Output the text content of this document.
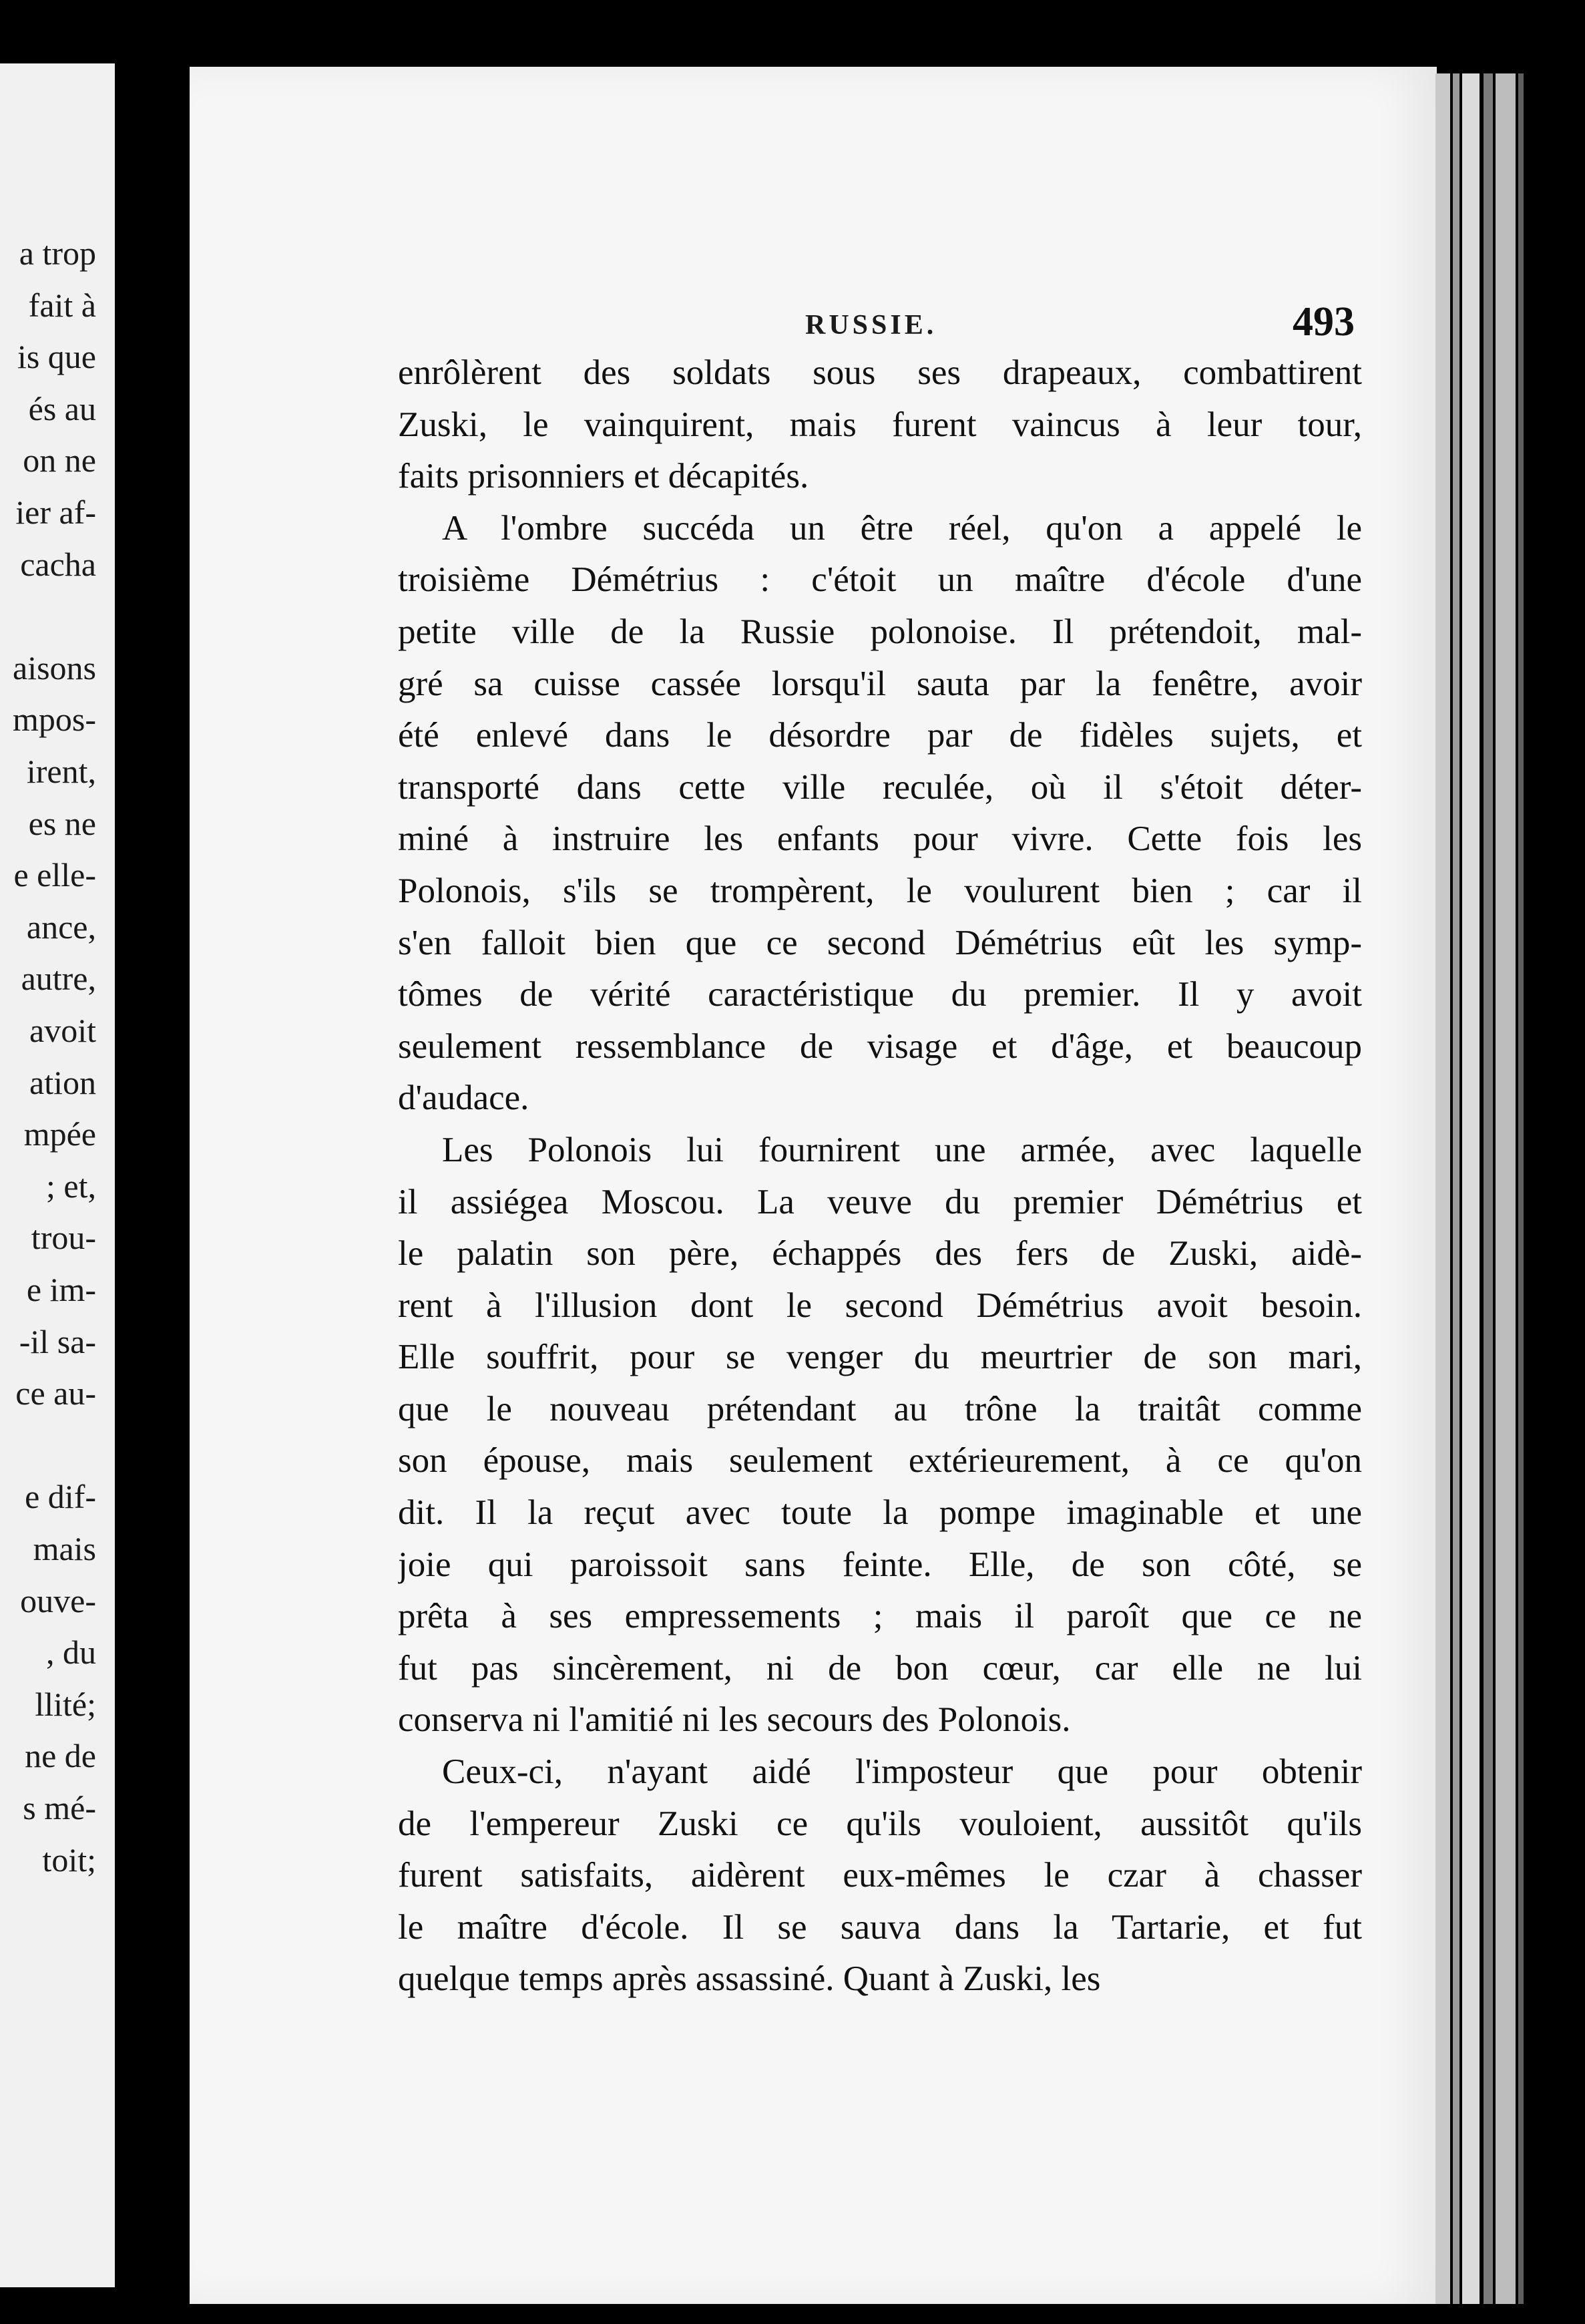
a trop
fait à
is que
és au
on ne
ier af-
cacha
aisons
mpos-
irent,
es ne
e elle-
ance,
autre,
avoit
ation
mpée
; et,
trou-
e im-
-il sa-
ce au-
e dif-
mais
ouve-
, du
llité;
ne de
s mé-
toit;
RUSSIE.	493
enrôlèrent des soldats sous ses drapeaux, combattirent
Zuski, le vainquirent, mais furent vaincus à leur tour,
faits prisonniers et décapités.
A l'ombre succéda un être réel, qu'on a appelé le
troisième Démétrius : c'étoit un maître d'école d'une
petite ville de la Russie polonoise. Il prétendoit, mal-
gré sa cuisse cassée lorsqu'il sauta par la fenêtre, avoir
été enlevé dans le désordre par de fidèles sujets, et
transporté dans cette ville reculée, où il s'étoit déter-
miné à instruire les enfants pour vivre. Cette fois les
Polonois, s'ils se trompèrent, le voulurent bien ; car il
s'en falloit bien que ce second Démétrius eût les symp-
tômes de vérité caractéristique du premier. Il y avoit
seulement ressemblance de visage et d'âge, et beaucoup
d'audace.
Les Polonois lui fournirent une armée, avec laquelle
il assiégea Moscou. La veuve du premier Démétrius et
le palatin son père, échappés des fers de Zuski, aidè-
rent à l'illusion dont le second Démétrius avoit besoin.
Elle souffrit, pour se venger du meurtrier de son mari,
que le nouveau prétendant au trône la traitât comme
son épouse, mais seulement extérieurement, à ce qu'on
dit. Il la reçut avec toute la pompe imaginable et une
joie qui paroissoit sans feinte. Elle, de son côté, se
prêta à ses empressements ; mais il paroît que ce ne
fut pas sincèrement, ni de bon cœur, car elle ne lui
conserva ni l'amitié ni les secours des Polonois.
Ceux-ci, n'ayant aidé l'imposteur que pour obtenir
de l'empereur Zuski ce qu'ils vouloient, aussitôt qu'ils
furent satisfaits, aidèrent eux-mêmes le czar à chasser
le maître d'école. Il se sauva dans la Tartarie, et fut
quelque temps après assassiné. Quant à Zuski, les
